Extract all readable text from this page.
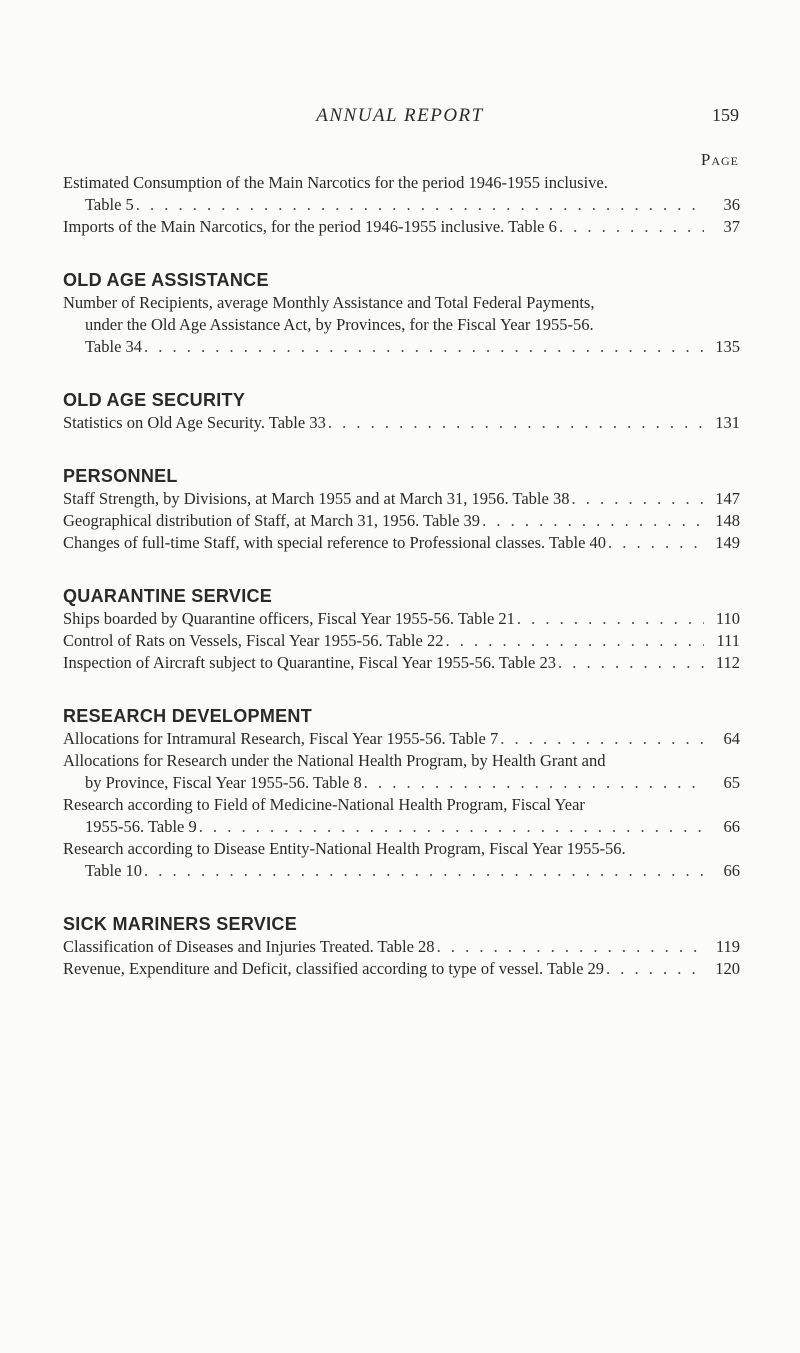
ANNUAL REPORT	159
Page
Estimated Consumption of the Main Narcotics for the period 1946-1955 inclusive.
Table 5 . . .	36
Imports of the Main Narcotics, for the period 1946-1955 inclusive. Table 6 . . .	37
OLD AGE ASSISTANCE
Number of Recipients, average Monthly Assistance and Total Federal Payments,
under the Old Age Assistance Act, by Provinces, for the Fiscal Year 1955-56.
Table 34 . . .	135
OLD AGE SECURITY
Statistics on Old Age Security. Table 33 . . .	131
PERSONNEL
Staff Strength, by Divisions, at March 1955 and at March 31, 1956. Table 38 . . .	147
Geographical distribution of Staff, at March 31, 1956. Table 39 . . .	148
Changes of full-time Staff, with special reference to Professional classes. Table 40 . . .	149
QUARANTINE SERVICE
Ships boarded by Quarantine officers, Fiscal Year 1955-56. Table 21 . . .	110
Control of Rats on Vessels, Fiscal Year 1955-56. Table 22 . . .	111
Inspection of Aircraft subject to Quarantine, Fiscal Year 1955-56. Table 23 . . .	112
RESEARCH DEVELOPMENT
Allocations for Intramural Research, Fiscal Year 1955-56. Table 7 . . .	64
Allocations for Research under the National Health Program, by Health Grant and
by Province, Fiscal Year 1955-56. Table 8 . . .	65
Research according to Field of Medicine-National Health Program, Fiscal Year
1955-56. Table 9 . . .	66
Research according to Disease Entity-National Health Program, Fiscal Year 1955-56.
Table 10 . . .	66
SICK MARINERS SERVICE
Classification of Diseases and Injuries Treated. Table 28 . . .	119
Revenue, Expenditure and Deficit, classified according to type of vessel. Table 29 . . .	120
